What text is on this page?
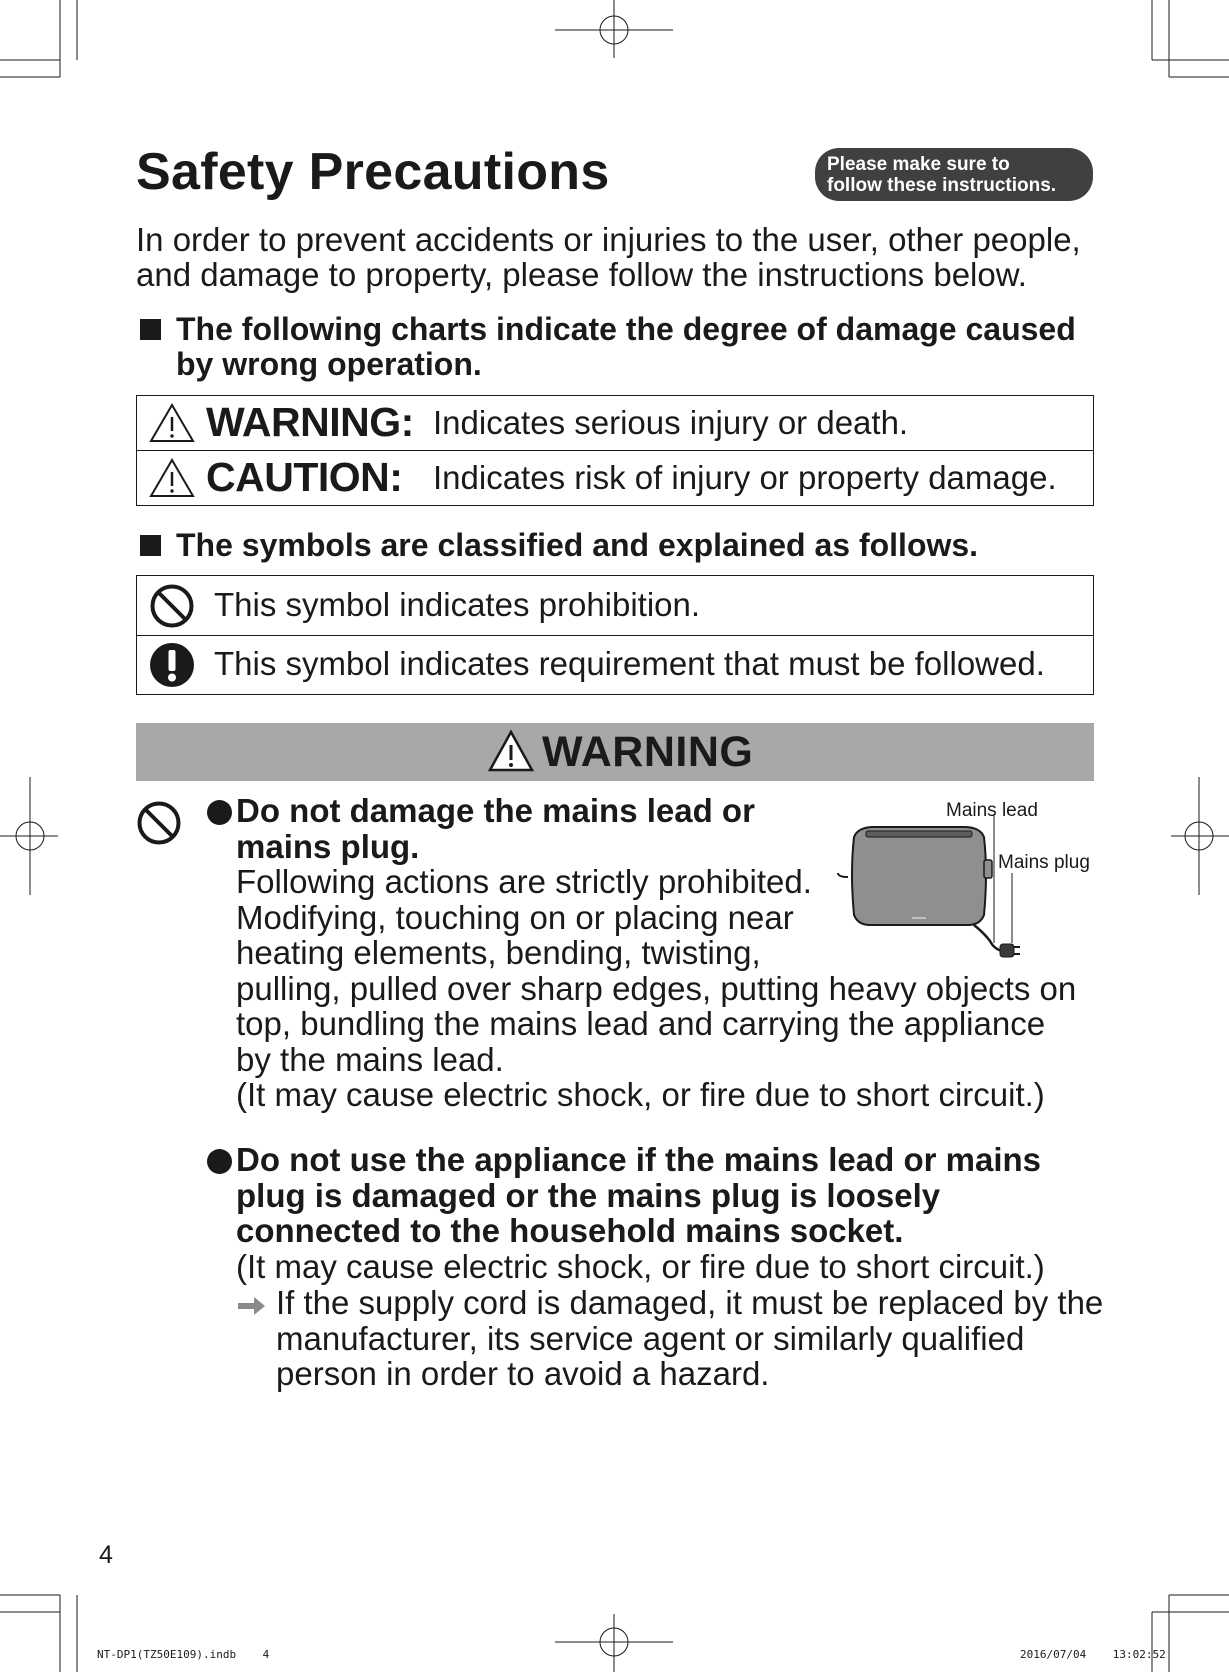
Safety Precautions	Please make sure to
follow these instructions.
In order to prevent accidents or injuries to the user, other people, and damage to property, please follow the instructions below.
The following charts indicate the degree of damage caused by wrong operation.
WARNING: Indicates serious injury or death.

CAUTION: Indicates risk of injury or property damage.
The symbols are classified and explained as follows.
This symbol indicates prohibition.

This symbol indicates requirement that must be followed.
WARNING
Do not damage the mains lead or
mains plug.
Following actions are strictly prohibited.
Modifying, touching on or placing near
heating elements, bending, twisting,
pulling, pulled over sharp edges, putting heavy objects on
top, bundling the mains lead and carrying the appliance
by the mains lead.
(It may cause electric shock, or fire due to short circuit.)
Mains lead
Mains plug
Do not use the appliance if the mains lead or mains
plug is damaged or the mains plug is loosely
connected to the household mains socket.
(It may cause electric shock, or fire due to short circuit.)
If the supply cord is damaged, it must be replaced by the manufacturer, its service agent or similarly qualified person in order to avoid a hazard.
4
NT-DP1(TZ50E109).indb    4	2016/07/04    13:02:52
